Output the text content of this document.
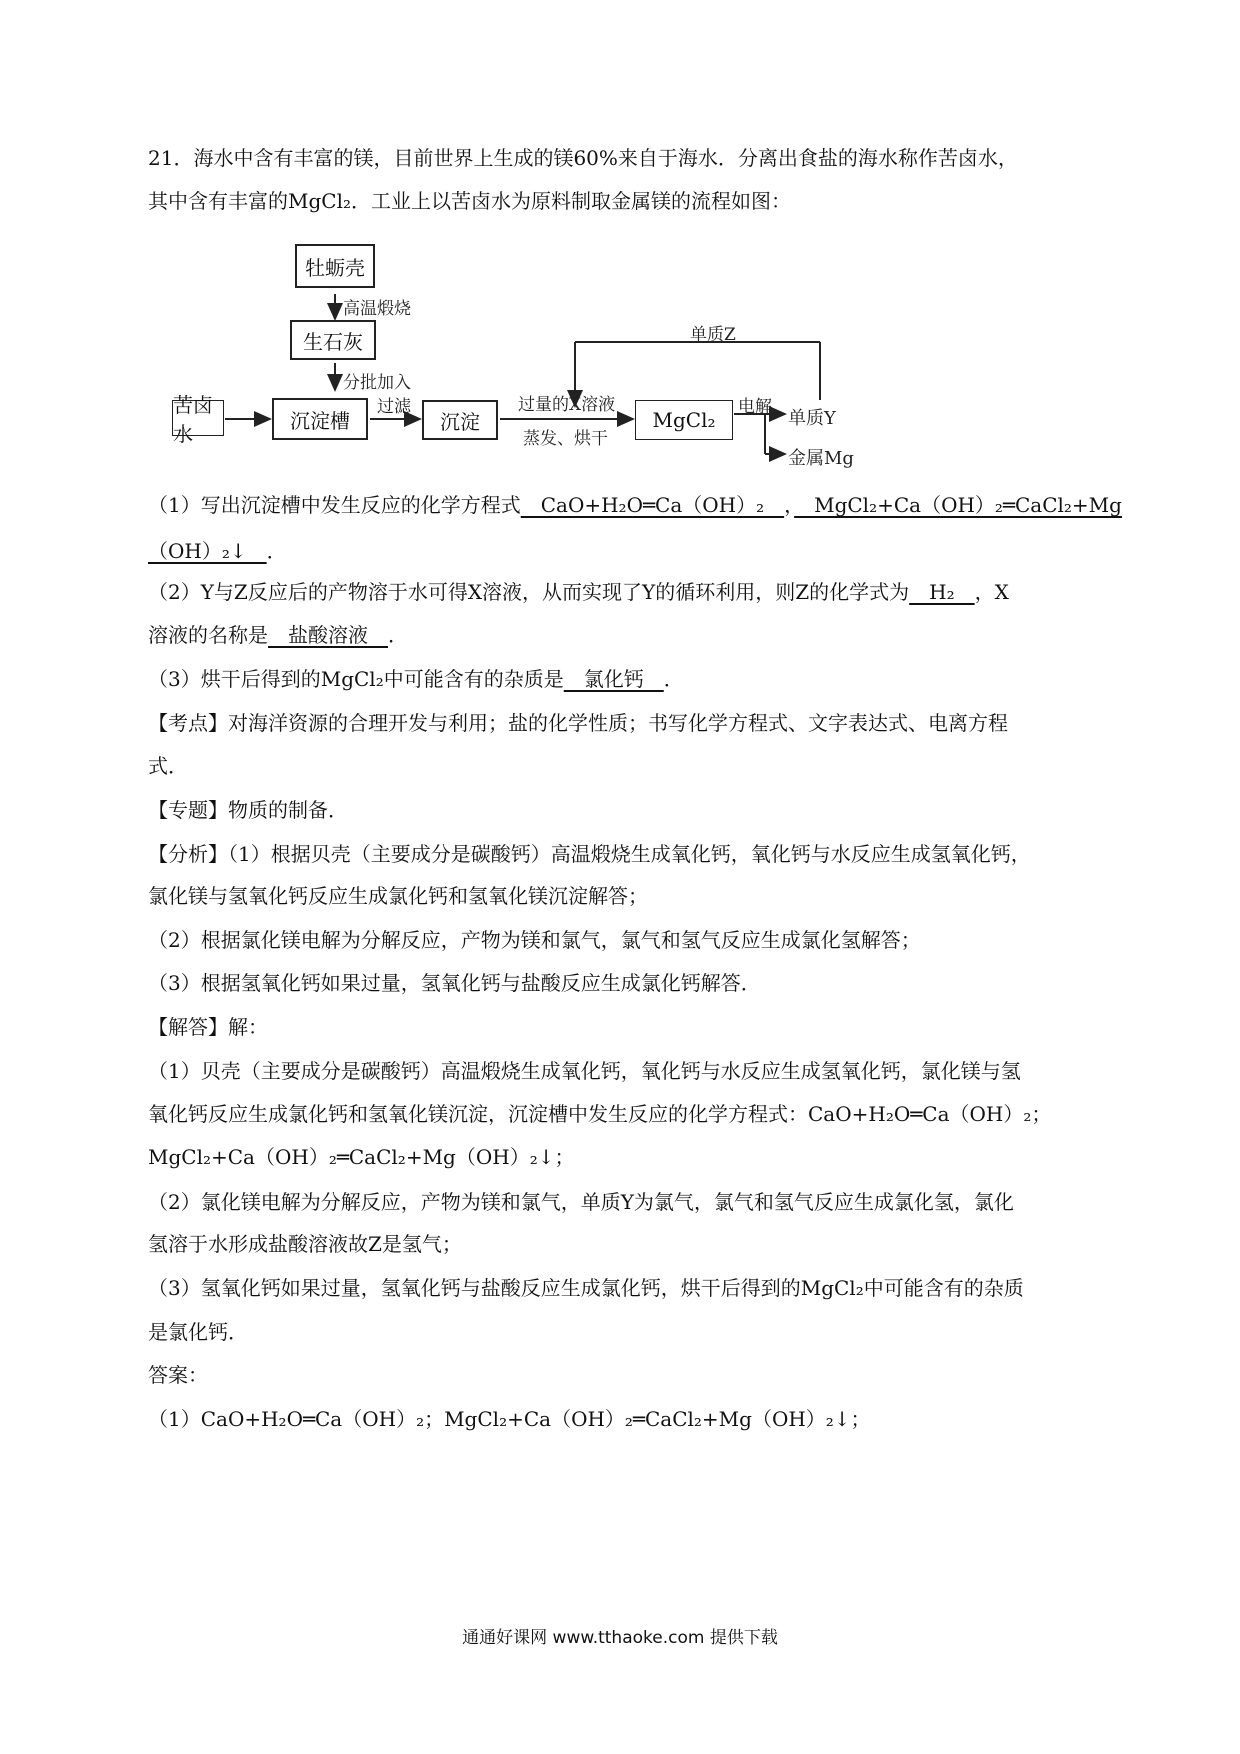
21．海水中含有丰富的镁，目前世界上生成的镁60%来自于海水．分离出食盐的海水称作苦卤水，
其中含有丰富的MgCl₂．工业上以苦卤水为原料制取金属镁的流程如图：
牡蛎壳
高温煅烧
生石灰
分批加入
苦卤水
沉淀槽
过滤
沉淀
过量的X溶液
蒸发、烘干
MgCl₂
电解
单质Y
金属Mg
单质Z
（1）写出沉淀槽中发生反应的化学方程式　CaO+H₂O═Ca（OH）₂　，　MgCl₂+Ca（OH）₂═CaCl₂+Mg
（OH）₂↓　．
（2）Y与Z反应后的产物溶于水可得X溶液，从而实现了Y的循环利用，则Z的化学式为　H₂　，X
溶液的名称是　盐酸溶液　．
（3）烘干后得到的MgCl₂中可能含有的杂质是　氯化钙　．
【考点】对海洋资源的合理开发与利用；盐的化学性质；书写化学方程式、文字表达式、电离方程
式．
【专题】物质的制备．
【分析】（1）根据贝壳（主要成分是碳酸钙）高温煅烧生成氧化钙，氧化钙与水反应生成氢氧化钙，
氯化镁与氢氧化钙反应生成氯化钙和氢氧化镁沉淀解答；
（2）根据氯化镁电解为分解反应，产物为镁和氯气，氯气和氢气反应生成氯化氢解答；
（3）根据氢氧化钙如果过量，氢氧化钙与盐酸反应生成氯化钙解答．
【解答】解：
（1）贝壳（主要成分是碳酸钙）高温煅烧生成氧化钙，氧化钙与水反应生成氢氧化钙，氯化镁与氢
氧化钙反应生成氯化钙和氢氧化镁沉淀，沉淀槽中发生反应的化学方程式：CaO+H₂O═Ca（OH）₂；
MgCl₂+Ca（OH）₂═CaCl₂+Mg（OH）₂↓；
（2）氯化镁电解为分解反应，产物为镁和氯气，单质Y为氯气，氯气和氢气反应生成氯化氢，氯化
氢溶于水形成盐酸溶液故Z是氢气；
（3）氢氧化钙如果过量，氢氧化钙与盐酸反应生成氯化钙，烘干后得到的MgCl₂中可能含有的杂质
是氯化钙．
答案：
（1）CaO+H₂O═Ca（OH）₂；MgCl₂+Ca（OH）₂═CaCl₂+Mg（OH）₂↓；
通通好课网 www.tthaoke.com 提供下载
